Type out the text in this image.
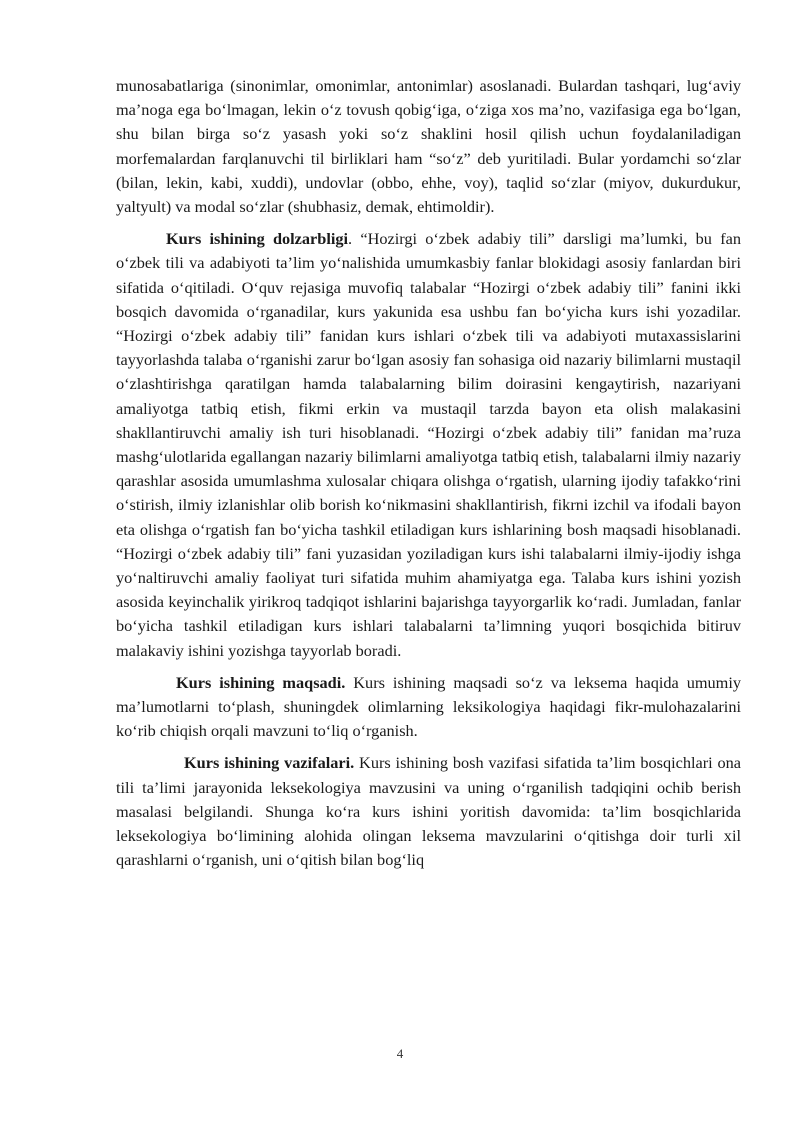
munosabatlariga (sinonimlar, omonimlar, antonimlar) asoslanadi. Bulardan tashqari, lug‘aviy ma’noga ega bo‘lmagan, lekin o‘z tovush qobig‘iga, o‘ziga xos ma’no, vazifasiga ega bo‘lgan, shu bilan birga so‘z yasash yoki so‘z shaklini hosil qilish uchun foydalaniladigan morfemalardan farqlanuvchi til birliklari ham “so‘z” deb yuritiladi. Bular yordamchi so‘zlar (bilan, lekin, kabi, xuddi), undovlar (obbo, ehhe, voy), taqlid so‘zlar (miyov, dukurdukur, yaltyult) va modal so‘zlar (shubhasiz, demak, ehtimoldir).

Kurs ishining dolzarbligi. “Hozirgi o‘zbek adabiy tili” darsligi ma’lumki, bu fan o‘zbek tili va adabiyoti ta’lim yo‘nalishida umumkasbiy fanlar blokidagi asosiy fanlardan biri sifatida o‘qitiladi. O‘quv rejasiga muvofiq talabalar “Hozirgi o‘zbek adabiy tili” fanini ikki bosqich davomida o‘rganadilar, kurs yakunida esa ushbu fan bo‘yicha kurs ishi yozadilar. “Hozirgi o‘zbek adabiy tili” fanidan kurs ishlari o‘zbek tili va adabiyoti mutaxassislarini tayyorlashda talaba o‘rganishi zarur bo‘lgan asosiy fan sohasiga oid nazariy bilimlarni mustaqil o‘zlashtirishga qaratilgan hamda talabalarning bilim doirasini kengaytirish, nazariyani amaliyotga tatbiq etish, fikmi erkin va mustaqil tarzda bayon eta olish malakasini shakllantiruvchi amaliy ish turi hisoblanadi. “Hozirgi o‘zbek adabiy tili” fanidan ma’ruza mashg‘ulotlarida egallangan nazariy bilimlarni amaliyotga tatbiq etish, talabalarni ilmiy nazariy qarashlar asosida umumlashma xulosalar chiqara olishga o‘rgatish, ularning ijodiy tafakko‘rini o‘stirish, ilmiy izlanishlar olib borish ko‘nikmasini shakllantirish, fikrni izchil va ifodali bayon eta olishga o‘rgatish fan bo‘yicha tashkil etiladigan kurs ishlarining bosh maqsadi hisoblanadi. “Hozirgi o‘zbek adabiy tili” fani yuzasidan yoziladigan kurs ishi talabalarni ilmiy-ijodiy ishga yo‘naltiruvchi amaliy faoliyat turi sifatida muhim ahamiyatga ega. Talaba kurs ishini yozish asosida keyinchalik yirikroq tadqiqot ishlarini bajarishga tayyorgarlik ko‘radi. Jumladan, fanlar bo‘yicha tashkil etiladigan kurs ishlari talabalarni ta’limning yuqori bosqichida bitiruv malakaviy ishini yozishga tayyorlab boradi.

Kurs ishining maqsadi. Kurs ishining maqsadi so‘z va leksema haqida umumiy ma’lumotlarni to‘plash, shuningdek olimlarning leksikologiya haqidagi fikr-mulohazalarini ko‘rib chiqish orqali mavzuni to‘liq o‘rganish.

Kurs ishining vazifalari. Kurs ishining bosh vazifasi sifatida ta’lim bosqichlari ona tili ta’limi jarayonida leksekologiya mavzusini va uning o‘rganilish tadqiqini ochib berish masalasi belgilandi. Shunga ko‘ra kurs ishini yoritish davomida: ta’lim bosqichlarida leksekologiya bo‘limining alohida olingan leksema mavzularini o‘qitishga doir turli xil qarashlarni o‘rganish, uni o‘qitish bilan bog‘liq

4
